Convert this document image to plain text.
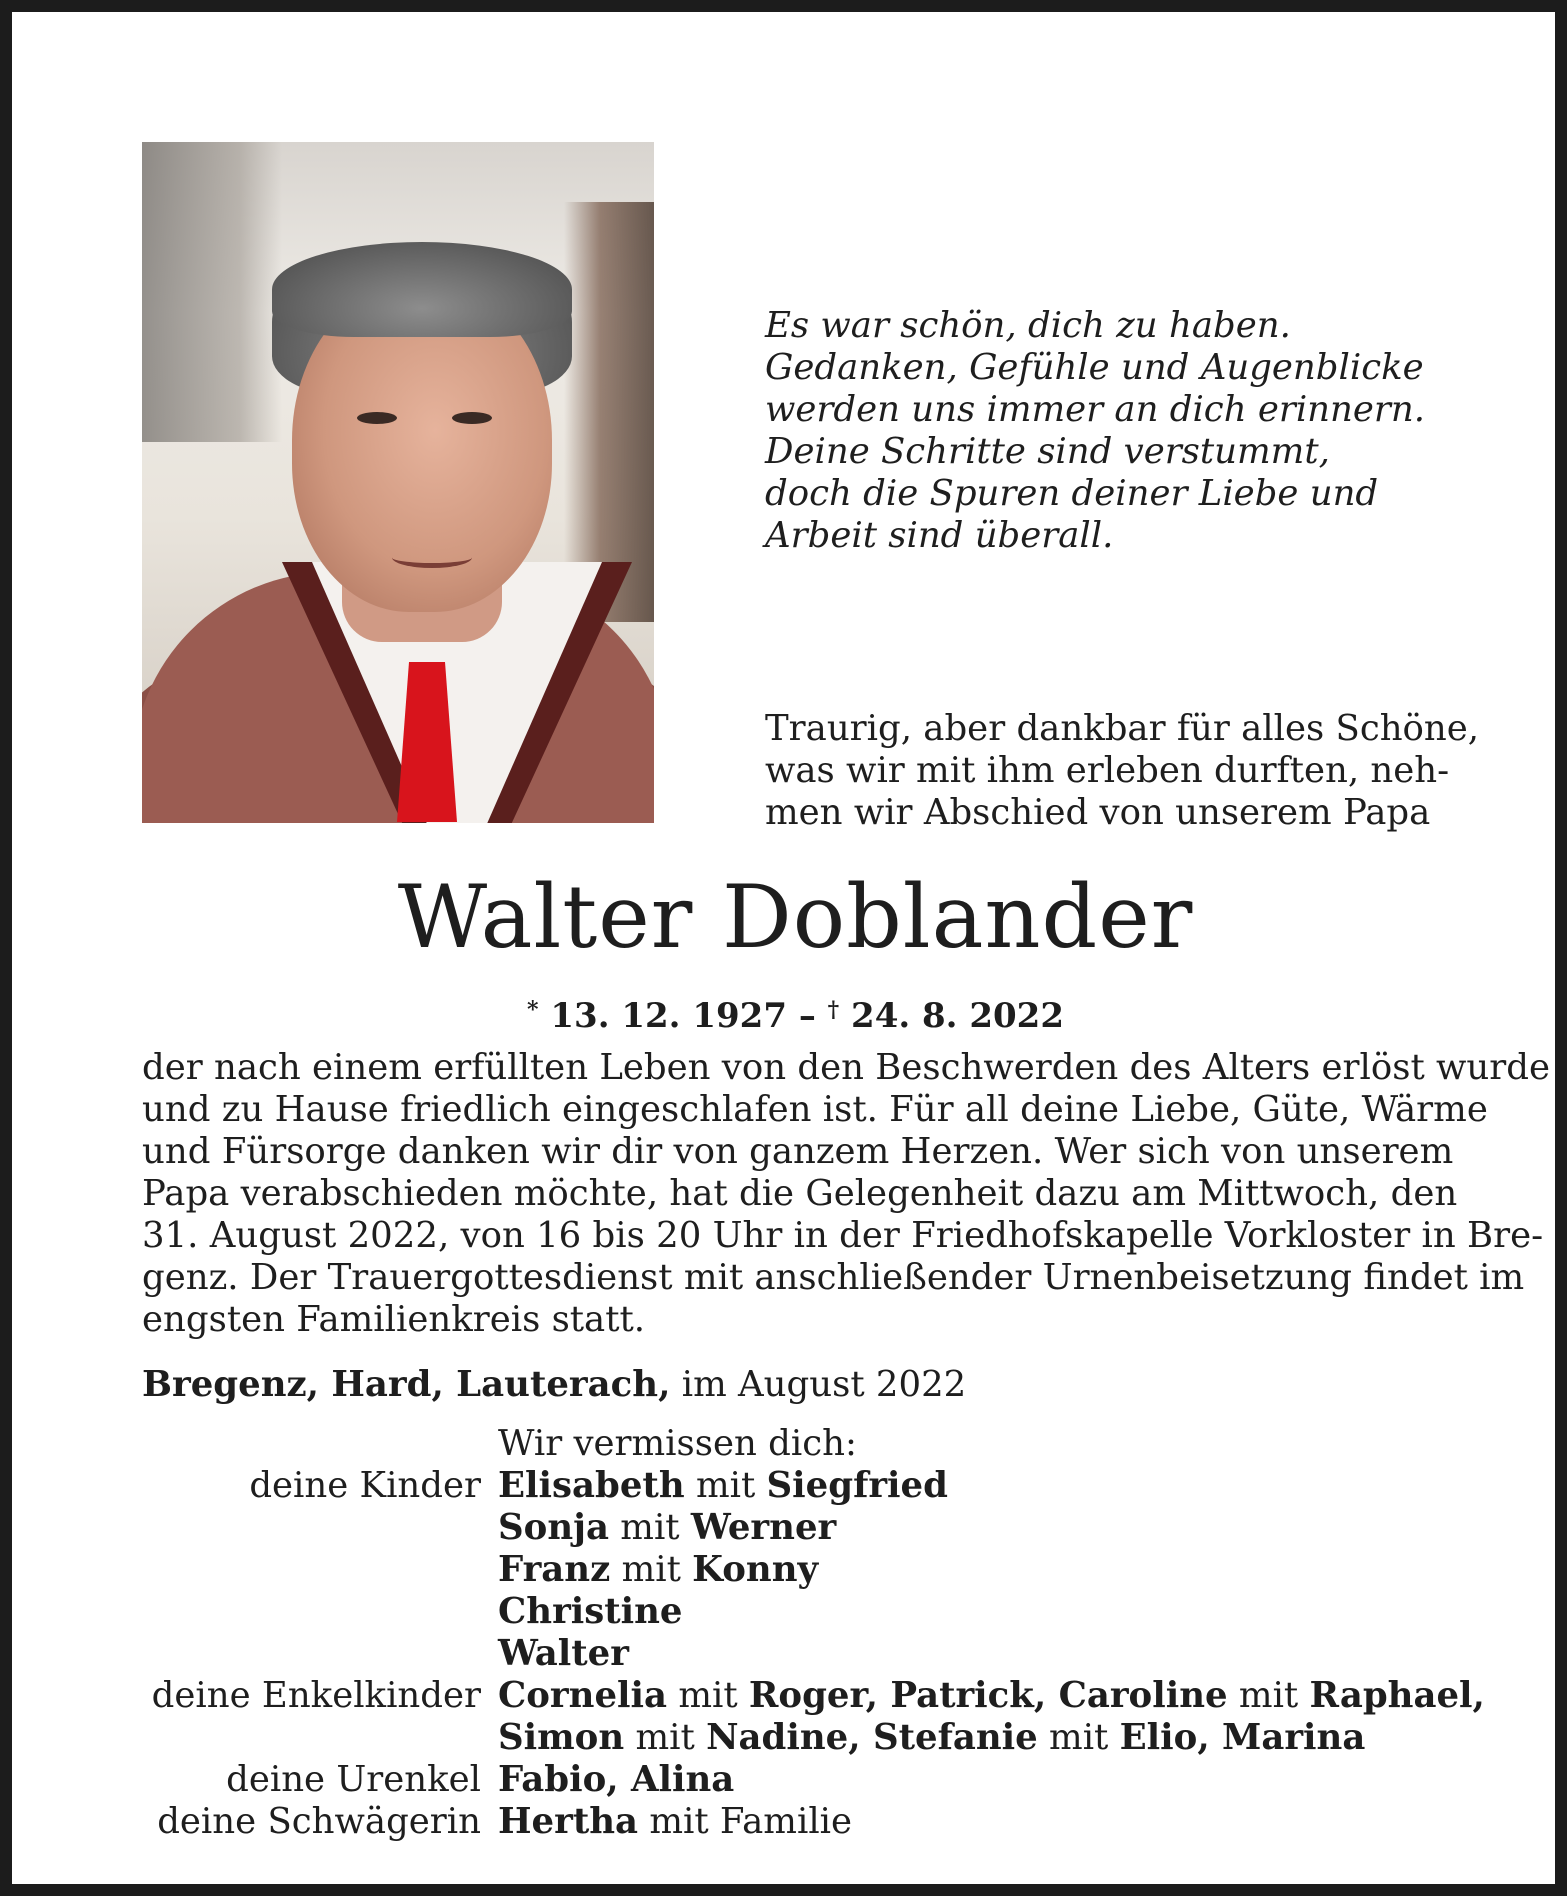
Es war schön, dich zu haben.
Gedanken, Gefühle und Augenblicke
werden uns immer an dich erinnern.
Deine Schritte sind verstummt,
doch die Spuren deiner Liebe und
Arbeit sind überall.
Traurig, aber dankbar für alles Schöne,
was wir mit ihm erleben durften, neh-
men wir Abschied von unserem Papa
Walter Doblander
* 13. 12. 1927 – † 24. 8. 2022
der nach einem erfüllten Leben von den Beschwerden des Alters erlöst wurde
und zu Hause friedlich eingeschlafen ist. Für all deine Liebe, Güte, Wärme
und Fürsorge danken wir dir von ganzem Herzen. Wer sich von unserem
Papa verabschieden möchte, hat die Gelegenheit dazu am Mittwoch, den
31. August 2022, von 16 bis 20 Uhr in der Friedhofskapelle Vorkloster in Bre-
genz. Der Trauergottesdienst mit anschließender Urnenbeisetzung findet im
engsten Familienkreis statt.
Bregenz, Hard, Lauterach, im August 2022
Wir vermissen dich:
deine Kinder Elisabeth mit Siegfried
Sonja mit Werner
Franz mit Konny
Christine
Walter
deine Enkelkinder Cornelia mit Roger, Patrick, Caroline mit Raphael,
Simon mit Nadine, Stefanie mit Elio, Marina
deine Urenkel Fabio, Alina
deine Schwägerin Hertha mit Familie
